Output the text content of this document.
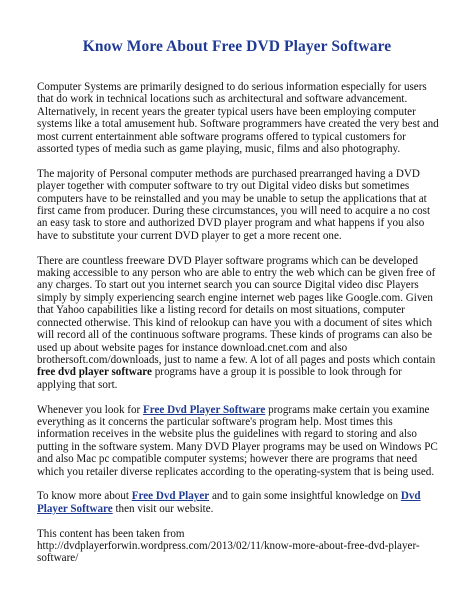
Know More About Free DVD Player Software

Computer Systems are primarily designed to do serious information especially for users that do work in technical locations such as architectural and software advancement. Alternatively, in recent years the greater typical users have been employing computer systems like a total amusement hub. Software programmers have created the very best and most current entertainment able software programs offered to typical customers for assorted types of media such as game playing, music, films and also photography.

The majority of Personal computer methods are purchased prearranged having a DVD player together with computer software to try out Digital video disks but sometimes computers have to be reinstalled and you may be unable to setup the applications that at first came from producer. During these circumstances, you will need to acquire a no cost an easy task to store and authorized DVD player program and what happens if you also have to substitute your current DVD player to get a more recent one.

There are countless freeware DVD Player software programs which can be developed making accessible to any person who are able to entry the web which can be given free of any charges. To start out you internet search you can source Digital video disc Players simply by simply experiencing search engine internet web pages like Google.com. Given that Yahoo capabilities like a listing record for details on most situations, computer connected otherwise. This kind of relookup can have you with a document of sites which will record all of the continuous software programs. These kinds of programs can also be used up about website pages for instance download.cnet.com and also brothersoft.com/downloads, just to name a few. A lot of all pages and posts which contain free dvd player software programs have a group it is possible to look through for applying that sort.

Whenever you look for Free Dvd Player Software programs make certain you examine everything as it concerns the particular software's program help. Most times this information receives in the website plus the guidelines with regard to storing and also putting in the software system. Many DVD Player programs may be used on Windows PC and also Mac pc compatible computer systems; however there are programs that need which you retailer diverse replicates according to the operating-system that is being used.

To know more about Free Dvd Player and to gain some insightful knowledge on Dvd Player Software then visit our website.

This content has been taken from
http://dvdplayerforwin.wordpress.com/2013/02/11/know-more-about-free-dvd-player-software/
